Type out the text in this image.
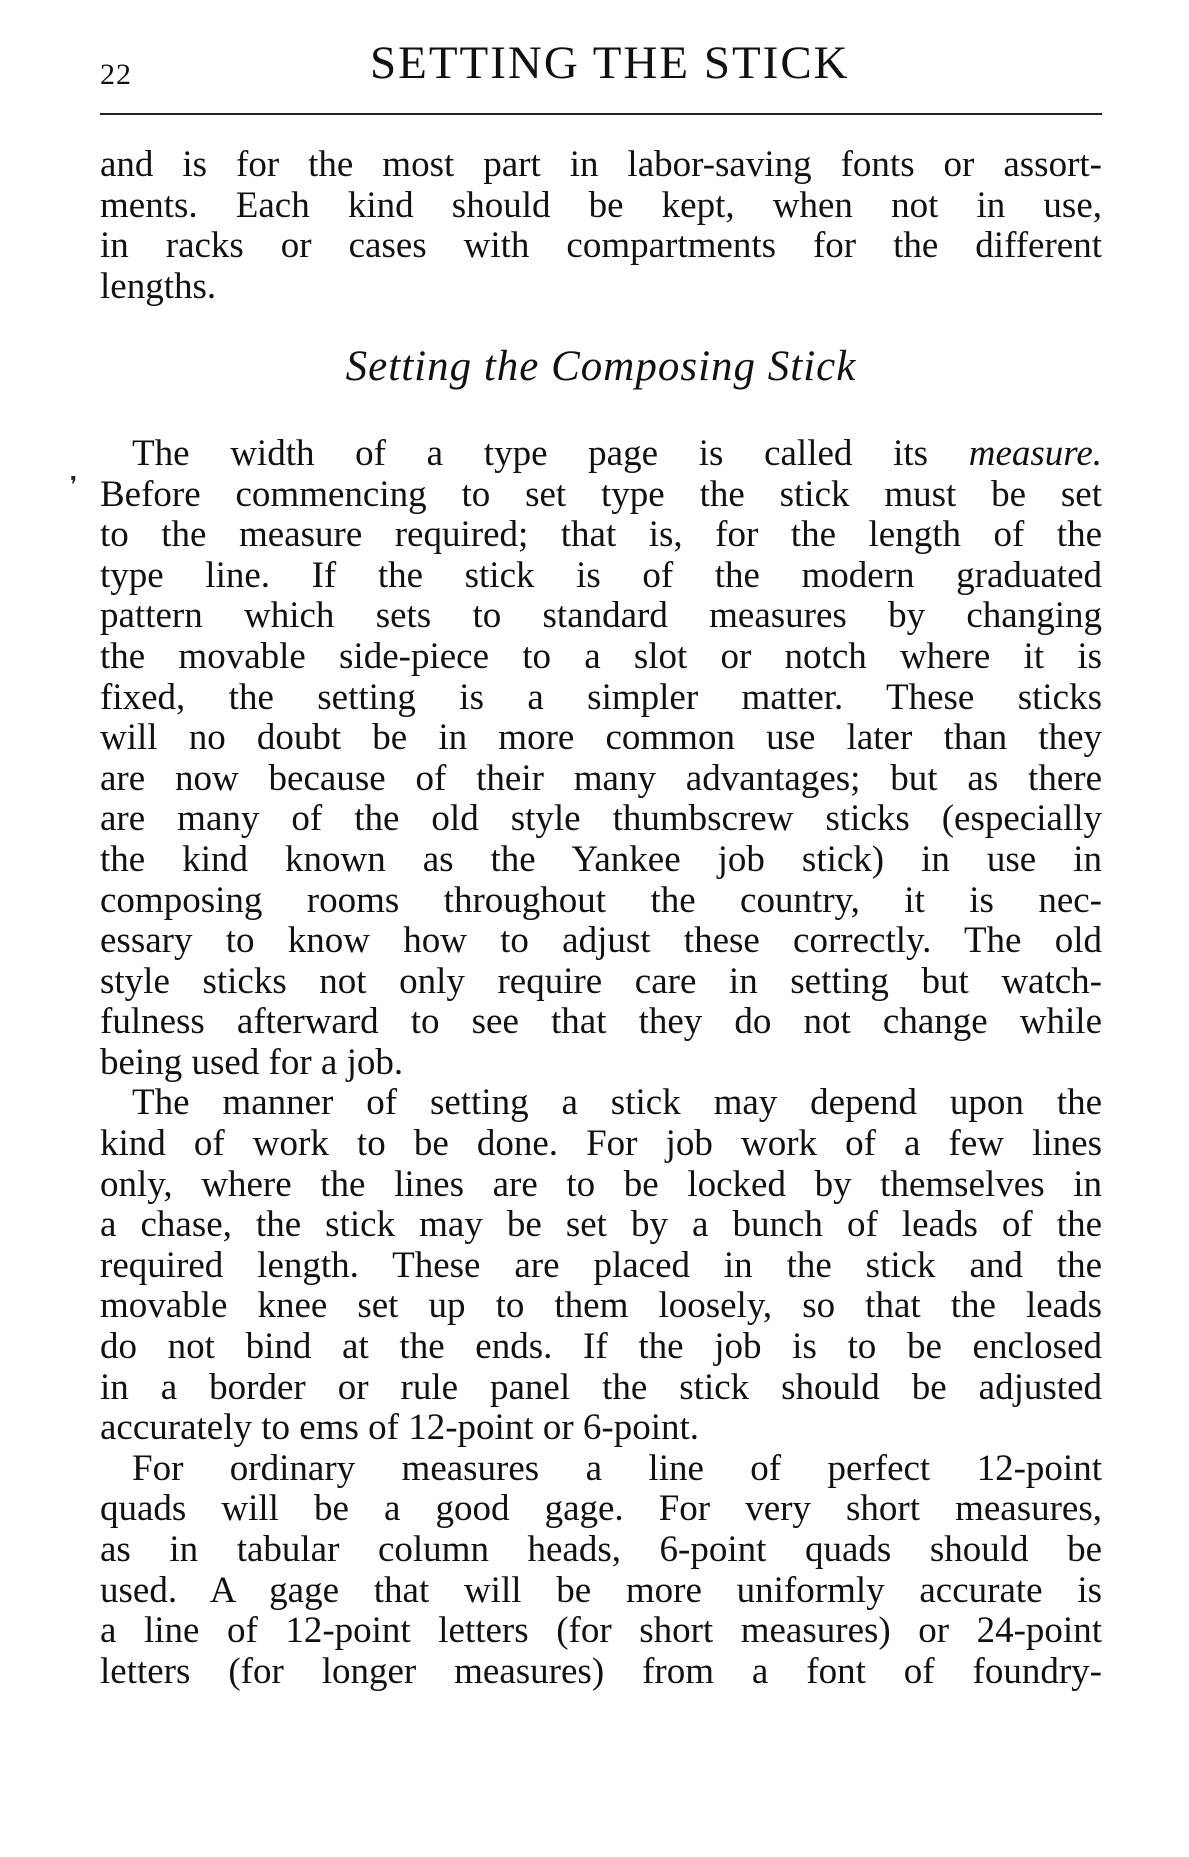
22	SETTING THE STICK
❜

and is for the most part in labor-saving fonts or assort-
ments. Each kind should be kept, when not in use,
in racks or cases with compartments for the different
lengths.

Setting the Composing Stick

The width of a type page is called its measure.
Before commencing to set type the stick must be set
to the measure required; that is, for the length of the
type line. If the stick is of the modern graduated
pattern which sets to standard measures by changing
the movable side-piece to a slot or notch where it is
fixed, the setting is a simpler matter. These sticks
will no doubt be in more common use later than they
are now because of their many advantages; but as there
are many of the old style thumbscrew sticks (especially
the kind known as the Yankee job stick) in use in
composing rooms throughout the country, it is nec-
essary to know how to adjust these correctly. The old
style sticks not only require care in setting but watch-
fulness afterward to see that they do not change while
being used for a job.

The manner of setting a stick may depend upon the
kind of work to be done. For job work of a few lines
only, where the lines are to be locked by themselves in
a chase, the stick may be set by a bunch of leads of the
required length. These are placed in the stick and the
movable knee set up to them loosely, so that the leads
do not bind at the ends. If the job is to be enclosed
in a border or rule panel the stick should be adjusted
accurately to ems of 12-point or 6-point.

For ordinary measures a line of perfect 12-point
quads will be a good gage. For very short measures,
as in tabular column heads, 6-point quads should be
used. A gage that will be more uniformly accurate is
a line of 12-point letters (for short measures) or 24-point
letters (for longer measures) from a font of foundry-
